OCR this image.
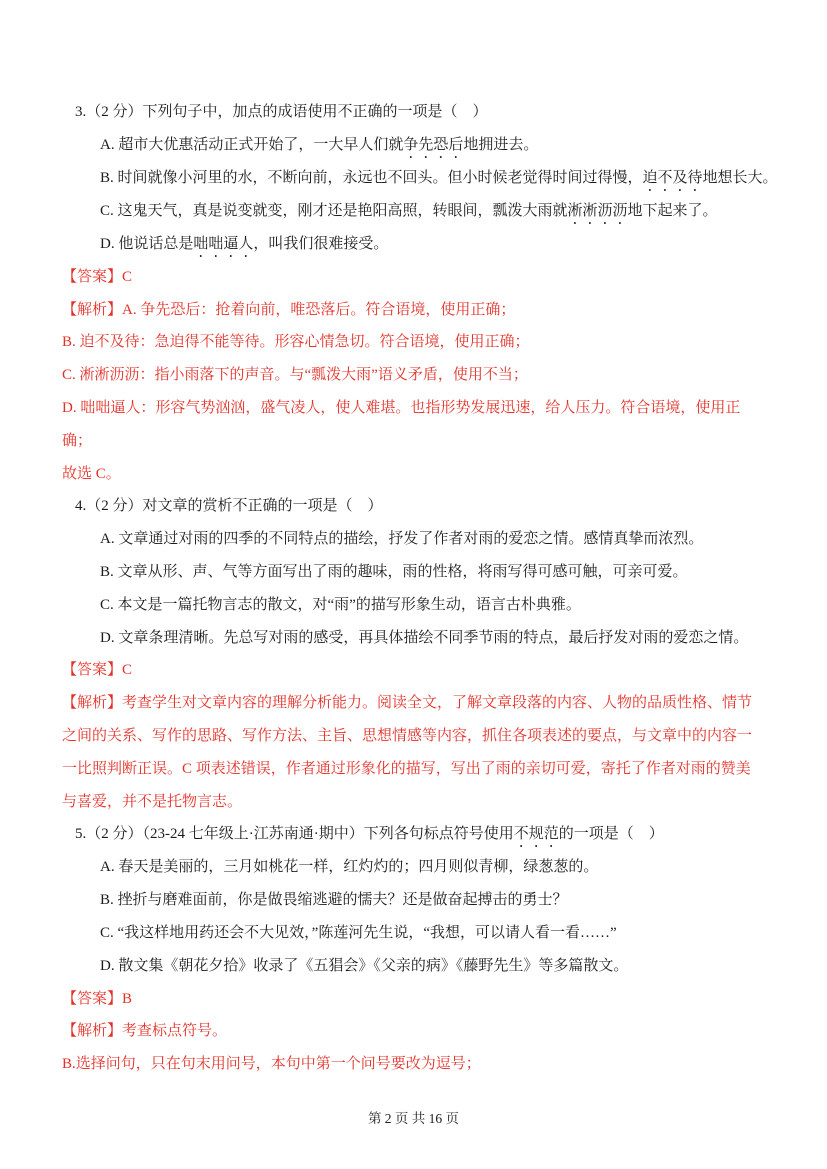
3.（2 分）下列句子中，加点的成语使用不正确的一项是（　）

A. 超市大优惠活动正式开始了，一大早人们就争先恐后地拥进去。

B. 时间就像小河里的水，不断向前，永远也不回头。但小时候老觉得时间过得慢，迫不及待地想长大。

C. 这鬼天气，真是说变就变，刚才还是艳阳高照，转眼间，瓢泼大雨就淅淅沥沥地下起来了。

D. 他说话总是咄咄逼人，叫我们很难接受。

【答案】C

【解析】A. 争先恐后：抢着向前，唯恐落后。符合语境，使用正确；

B. 迫不及待：急迫得不能等待。形容心情急切。符合语境，使用正确；

C. 淅淅沥沥：指小雨落下的声音。与“瓢泼大雨”语义矛盾，使用不当；

D. 咄咄逼人：形容气势汹汹，盛气凌人，使人难堪。也指形势发展迅速，给人压力。符合语境，使用正

确；

故选 C。

4.（2 分）对文章的赏析不正确的一项是（　）

A. 文章通过对雨的四季的不同特点的描绘，抒发了作者对雨的爱恋之情。感情真挚而浓烈。

B. 文章从形、声、气等方面写出了雨的趣味，雨的性格，将雨写得可感可触，可亲可爱。

C. 本文是一篇托物言志的散文，对“雨”的描写形象生动，语言古朴典雅。

D. 文章条理清晰。先总写对雨的感受，再具体描绘不同季节雨的特点，最后抒发对雨的爱恋之情。

【答案】C

【解析】考查学生对文章内容的理解分析能力。阅读全文，了解文章段落的内容、人物的品质性格、情节

之间的关系、写作的思路、写作方法、主旨、思想情感等内容，抓住各项表述的要点，与文章中的内容一

一比照判断正误。C 项表述错误，作者通过形象化的描写，写出了雨的亲切可爱，寄托了作者对雨的赞美

与喜爱，并不是托物言志。

5.（2 分）（23-24 七年级上·江苏南通·期中）下列各句标点符号使用不规范的一项是（　）

A. 春天是美丽的，三月如桃花一样，红灼灼的；四月则似青柳，绿葱葱的。

B. 挫折与磨难面前，你是做畏缩逃避的懦夫？还是做奋起搏击的勇士？

C. “我这样地用药还会不大见效，”陈莲河先生说，“我想，可以请人看一看……”

D. 散文集《朝花夕拾》收录了《五猖会》《父亲的病》《藤野先生》等多篇散文。

【答案】B

【解析】考查标点符号。

B.选择问句，只在句末用问号，本句中第一个问号要改为逗号；

第 2 页 共 16 页
